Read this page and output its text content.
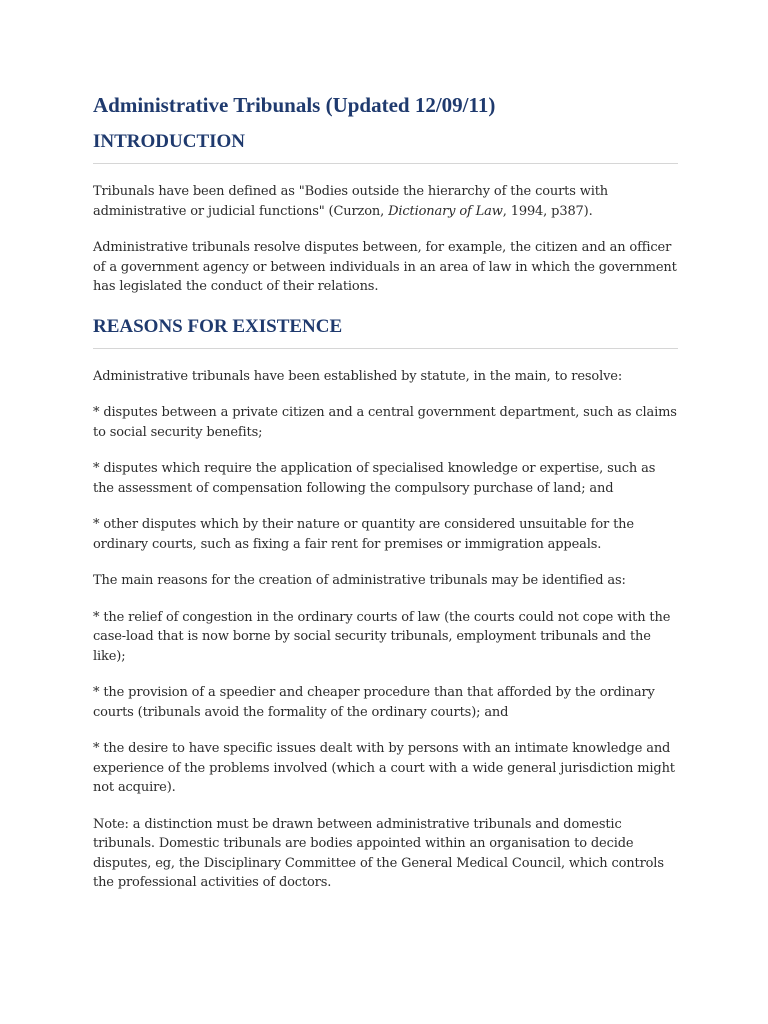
Administrative Tribunals (Updated 12/09/11)
INTRODUCTION

Tribunals have been defined as "Bodies outside the hierarchy of the courts with administrative or judicial functions" (Curzon, Dictionary of Law, 1994, p387).

Administrative tribunals resolve disputes between, for example, the citizen and an officer of a government agency or between individuals in an area of law in which the government has legislated the conduct of their relations.

REASONS FOR EXISTENCE

Administrative tribunals have been established by statute, in the main, to resolve:

* disputes between a private citizen and a central government department, such as claims to social security benefits;

* disputes which require the application of specialised knowledge or expertise, such as the assessment of compensation following the compulsory purchase of land; and

* other disputes which by their nature or quantity are considered unsuitable for the ordinary courts, such as fixing a fair rent for premises or immigration appeals.

The main reasons for the creation of administrative tribunals may be identified as:

* the relief of congestion in the ordinary courts of law (the courts could not cope with the case-load that is now borne by social security tribunals, employment tribunals and the like);

* the provision of a speedier and cheaper procedure than that afforded by the ordinary courts (tribunals avoid the formality of the ordinary courts); and

* the desire to have specific issues dealt with by persons with an intimate knowledge and experience of the problems involved (which a court with a wide general jurisdiction might not acquire).

Note: a distinction must be drawn between administrative tribunals and domestic tribunals. Domestic tribunals are bodies appointed within an organisation to decide disputes, eg, the Disciplinary Committee of the General Medical Council, which controls the professional activities of doctors.
